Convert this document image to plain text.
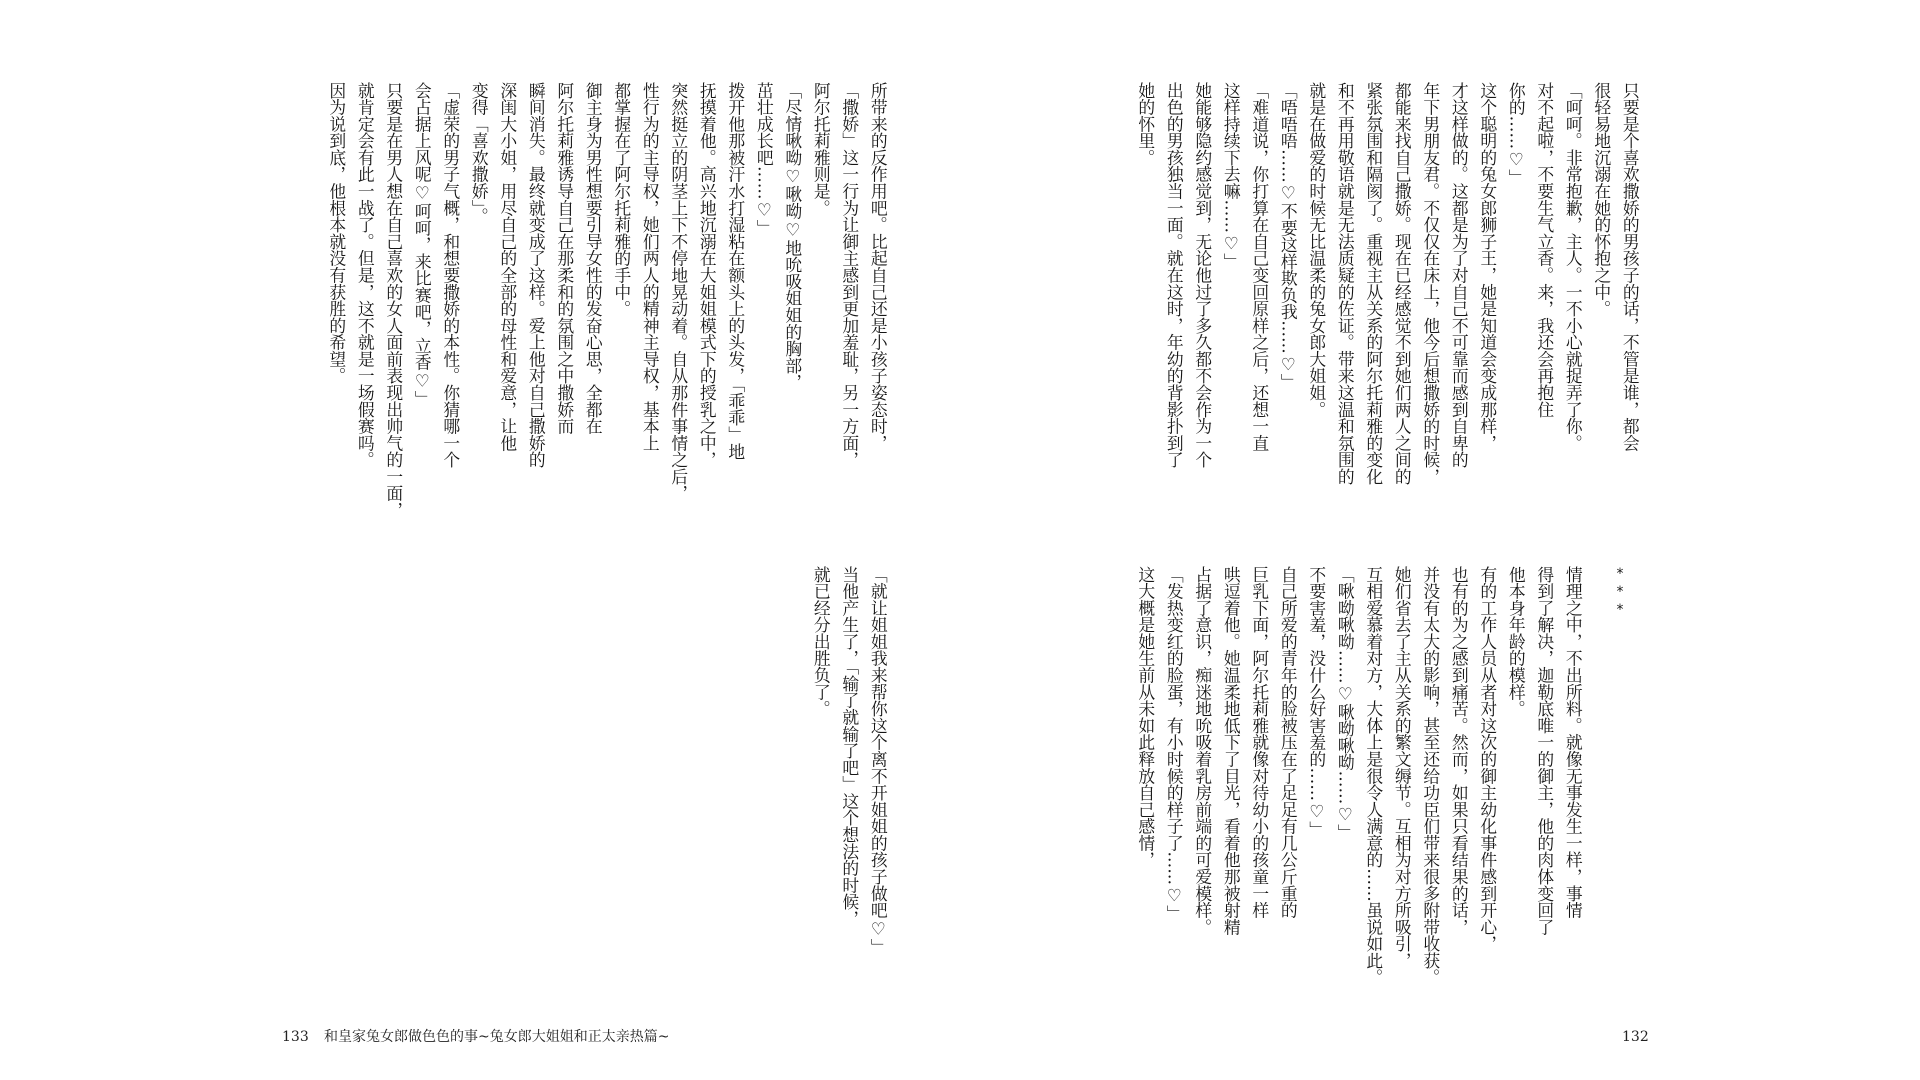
所带来的反作用吧。比起自己还是小孩子姿态时，
「撒娇」这一行为让御主感到更加羞耻，另一方面，
阿尔托莉雅则是。
「尽情啾呦♡啾呦♡地吮吸姐姐的胸部，
茁壮成长吧……♡」
拨开他那被汗水打湿粘在额头上的头发，「乖乖」地
抚摸着他。高兴地沉溺在大姐姐模式下的授乳之中，
突然挺立的阴茎上下不停地晃动着。自从那件事情之后，
性行为的主导权，她们两人的精神主导权，基本上
都掌握在了阿尔托莉雅的手中。
御主身为男性想要引导女性的发奋心思，全都在
阿尔托莉雅诱导自己在那柔和的氛围之中撒娇而
瞬间消失。最终就变成了这样。爱上他对自己撒娇的
深闺大小姐，用尽自己的全部的母性和爱意，让他
变得「喜欢撒娇」。
「虚荣的男子气概，和想要撒娇的本性。你猜哪一个
会占据上风呢♡呵呵，来比赛吧，立香♡」
只要是在男人想在自己喜欢的女人面前表现出帅气的一面，
就肯定会有此一战了。但是，这不就是一场假赛吗。
因为说到底，他根本就没有获胜的希望。
「就让姐姐我来帮你这个离不开姐姐的孩子做吧♡」
当他产生了，「输了就输了吧」这个想法的时候，
就已经分出胜负了。
133 和皇家兔女郎做色色的事~兔女郎大姐姐和正太亲热篇~
只要是个喜欢撒娇的男孩子的话，不管是谁，都会
很轻易地沉溺在她的怀抱之中。
「呵呵。非常抱歉，主人。一不小心就捉弄了你。
对不起啦，不要生气立香。来，我还会再抱住
你的……♡」
这个聪明的兔女郎狮子王，她是知道会变成那样，
才这样做的。这都是为了对自己不可靠而感到自卑的
年下男朋友君。不仅仅在床上，他今后想撒娇的时候，
都能来找自己撒娇。现在已经感觉不到她们两人之间的
紧张氛围和隔阂了。重视主从关系的阿尔托莉雅的变化
和不再用敬语就是无法质疑的佐证。带来这温和氛围的
就是在做爱的时候无比温柔的兔女郎大姐姐。
「唔唔唔……♡不要这样欺负我……♡」
「难道说，你打算在自己变回原样之后，还想一直
这样持续下去嘛……♡」
她能够隐约感觉到，无论他过了多久都不会作为一个
出色的男孩独当一面。就在这时，年幼的背影扑到了
她的怀里。
***
情理之中，不出所料。就像无事发生一样，事情
得到了解决，迦勒底唯一的御主，他的肉体变回了
他本身年龄的模样。
有的工作人员从者对这次的御主幼化事件感到开心，
也有的为之感到痛苦。然而，如果只看结果的话，
并没有太大的影响，甚至还给功臣们带来很多附带收获。
她们省去了主从关系的繁文缛节。互相为对方所吸引，
互相爱慕着对方，大体上是很令人满意的……虽说如此。
「啾呦啾呦……♡啾呦啾呦……♡」
不要害羞，没什么好害羞的……♡」
自己所爱的青年的脸被压在了足足有几公斤重的
巨乳下面，阿尔托莉雅就像对待幼小的孩童一样
哄逗着他。她温柔地低下了目光，看着他那被射精
占据了意识，痴迷地吮吸着乳房前端的可爱模样。
「发热变红的脸蛋，有小时候的样子了……♡」
这大概是她生前从未如此释放自己感情，
132
